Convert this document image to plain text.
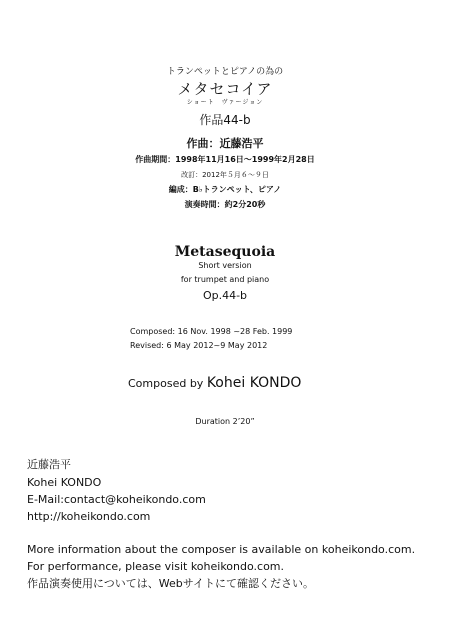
トランペットとピアノの為の
メタセコイア
ショート　ヴァージョン
作品44-b
作曲：近藤浩平
作曲期間：1998年11月16日〜1999年2月28日
改訂：2012年５月６〜９日
編成：B♭トランペット、ピアノ
演奏時間：約2分20秒
Metasequoia
Short version
for trumpet and piano
Op.44-b
Composed: 16 Nov. 1998 ~28 Feb. 1999
Revised: 6 May 2012~9 May 2012
Composed by Kohei KONDO
Duration 2’20”
近藤浩平
Kohei KONDO
E-Mail:contact@koheikondo.com
http://koheikondo.com
More information about the composer is available on koheikondo.com.
For performance, please visit koheikondo.com.
作品演奏使用については、Webサイトにて確認ください。
